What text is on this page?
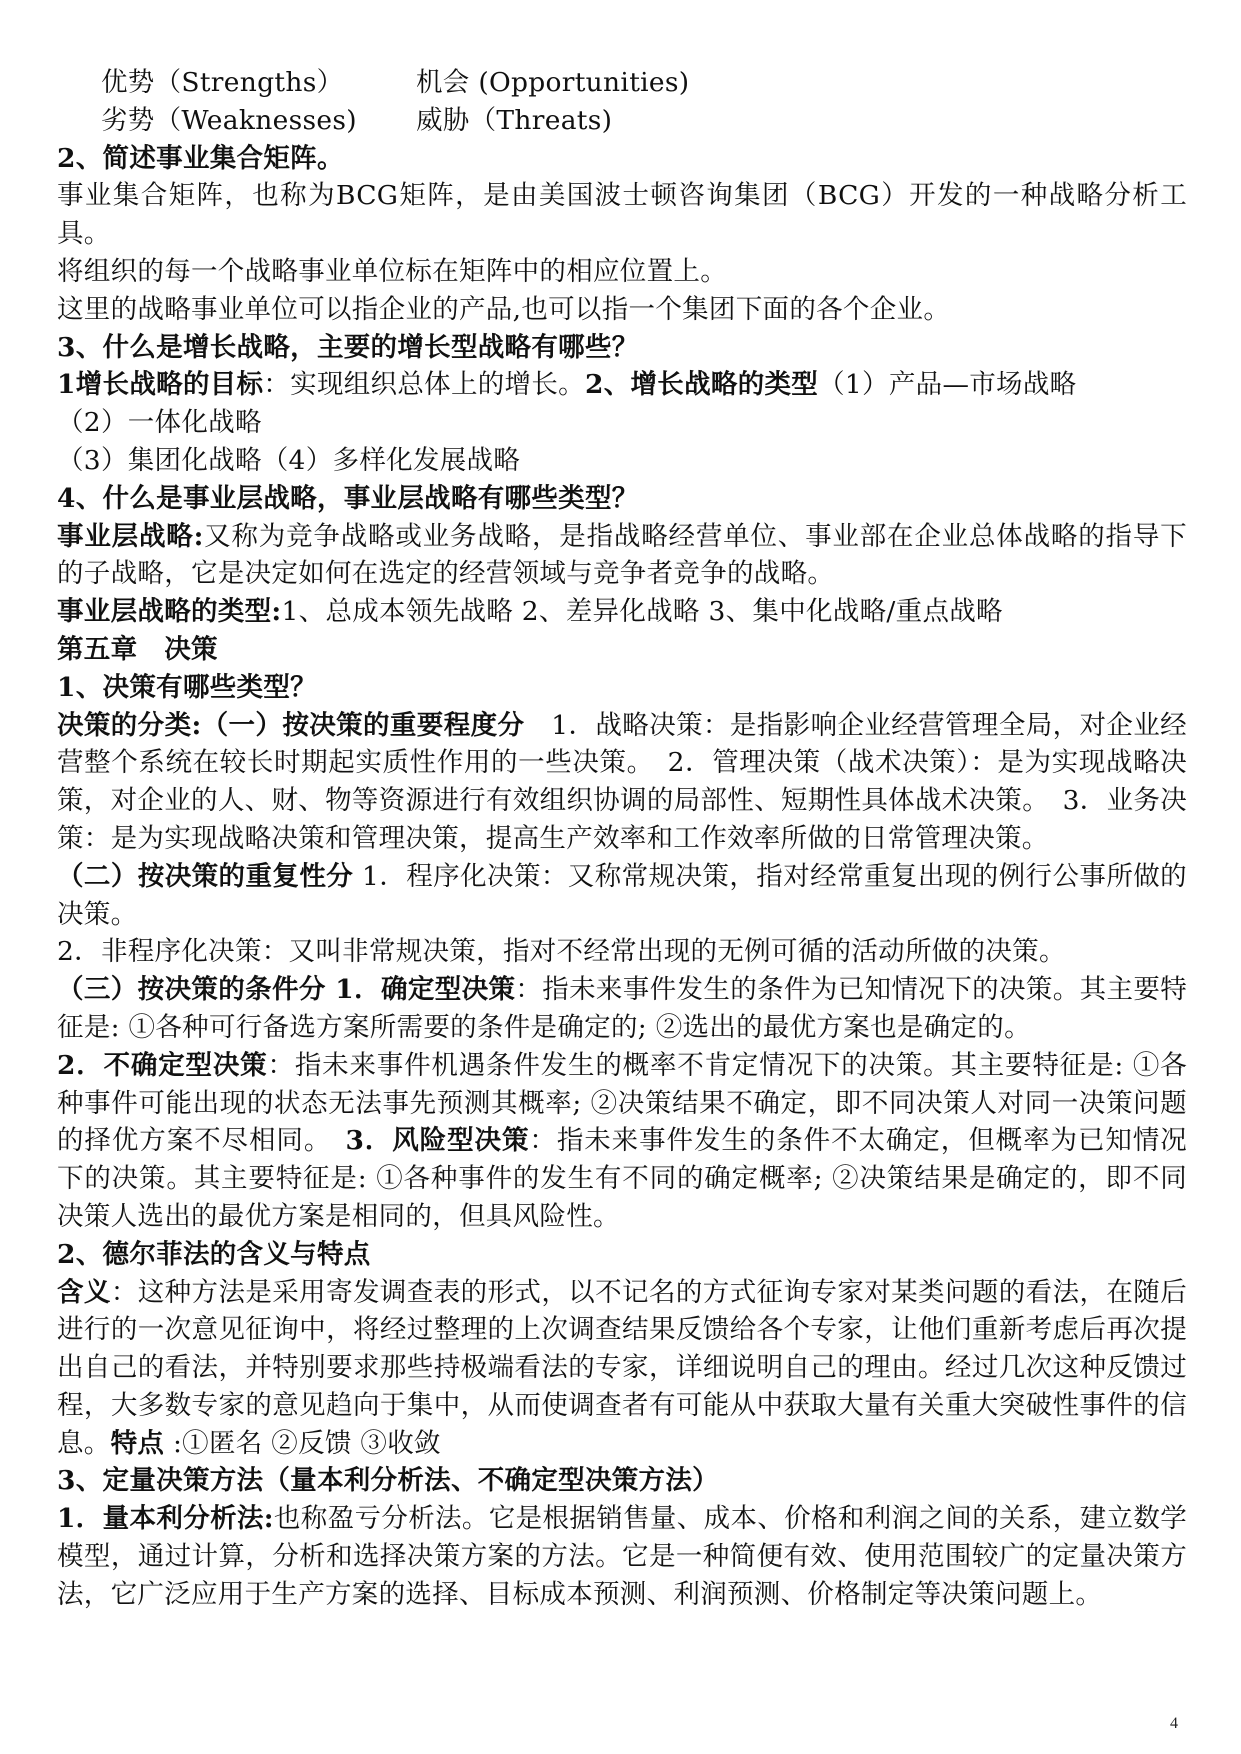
优势（Strengths）	机会 (Opportunities)
劣势（Weaknesses) 威胁（Threats)
2、简述事业集合矩阵。
事业集合矩阵，也称为BCG矩阵，是由美国波士顿咨询集团（BCG）开发的一种战略分析工具。
将组织的每一个战略事业单位标在矩阵中的相应位置上。
这里的战略事业单位可以指企业的产品,也可以指一个集团下面的各个企业。
3、什么是增长战略，主要的增长型战略有哪些？
1增长战略的目标：实现组织总体上的增长。2、增长战略的类型（1）产品—市场战略
（2）一体化战略
（3）集团化战略（4）多样化发展战略
4、什么是事业层战略，事业层战略有哪些类型？
事业层战略:又称为竞争战略或业务战略，是指战略经营单位、事业部在企业总体战略的指导下的子战略，它是决定如何在选定的经营领域与竞争者竞争的战略。
事业层战略的类型:1、总成本领先战略 2、差异化战略 3、集中化战略/重点战略
第五章　决策
1、决策有哪些类型？
决策的分类:（一）按决策的重要程度分　1．战略决策：是指影响企业经营管理全局，对企业经营整个系统在较长时期起实质性作用的一些决策。　2．管理决策（战术决策）：是为实现战略决策，对企业的人、财、物等资源进行有效组织协调的局部性、短期性具体战术决策。　3．业务决策：是为实现战略决策和管理决策，提高生产效率和工作效率所做的日常管理决策。
（二）按决策的重复性分 1．程序化决策：又称常规决策，指对经常重复出现的例行公事所做的决策。
2．非程序化决策：又叫非常规决策，指对不经常出现的无例可循的活动所做的决策。
（三）按决策的条件分 1．确定型决策：指未来事件发生的条件为已知情况下的决策。其主要特征是: ①各种可行备选方案所需要的条件是确定的; ②选出的最优方案也是确定的。
2．不确定型决策：指未来事件机遇条件发生的概率不肯定情况下的决策。其主要特征是: ①各种事件可能出现的状态无法事先预测其概率; ②决策结果不确定，即不同决策人对同一决策问题的择优方案不尽相同。　3．风险型决策：指未来事件发生的条件不太确定，但概率为已知情况下的决策。其主要特征是: ①各种事件的发生有不同的确定概率; ②决策结果是确定的，即不同决策人选出的最优方案是相同的，但具风险性。
2、德尔菲法的含义与特点
含义：这种方法是采用寄发调查表的形式，以不记名的方式征询专家对某类问题的看法，在随后进行的一次意见征询中，将经过整理的上次调查结果反馈给各个专家，让他们重新考虑后再次提出自己的看法，并特别要求那些持极端看法的专家，详细说明自己的理由。经过几次这种反馈过程，大多数专家的意见趋向于集中，从而使调查者有可能从中获取大量有关重大突破性事件的信息。特点 :①匿名 ②反馈 ③收敛
3、定量决策方法（量本利分析法、不确定型决策方法）
1．量本利分析法:也称盈亏分析法。它是根据销售量、成本、价格和利润之间的关系，建立数学模型，通过计算，分析和选择决策方案的方法。它是一种简便有效、使用范围较广的定量决策方法，它广泛应用于生产方案的选择、目标成本预测、利润预测、价格制定等决策问题上。
4
